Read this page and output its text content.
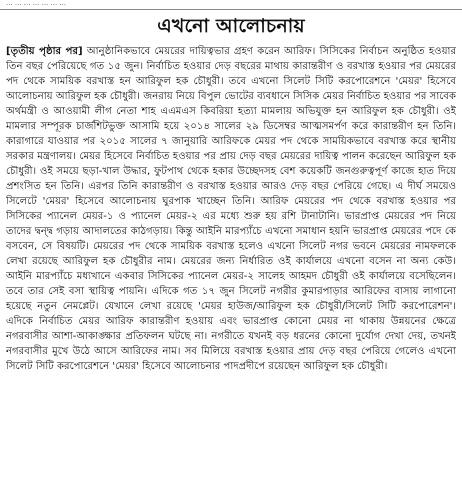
... ... ... ... ... ... ...
এখনো আলোচনায়

[তৃতীয় পৃষ্ঠার পর] আনুষ্ঠানিকভাবে মেয়রের দায়িত্বভার গ্রহণ করেন আরিফ। সিসিকের নির্বাচন অনুষ্ঠিত হওয়ার তিন বছর পেরিয়েছে গত ১৫ জুন। নির্বাচিত হওয়ার দেড় বছরের মাথায় কারান্তরীণ ও বরখাস্ত হওয়ার পর মেয়রের পদ থেকে সাময়িক বরখাস্ত হন আরিফুল হক চৌধুরী। তবে এখনো সিলেট সিটি করপোরেশনে 'মেয়র' হিসেবে আলোচনায় আরিফুল হক চৌধুরী। জনরায় নিয়ে বিপুল ভোটের ব্যবধানে সিসিক মেয়র নির্বাচিত হওয়ার পর সাবেক অর্থমন্ত্রী ও আওয়ামী লীগ নেতা শাহ এএমএস কিবরিয়া হত্যা মামলায় অভিযুক্ত হন আরিফুল হক চৌধুরী। ওই মামলার সম্পূরক চার্জশিটভুক্ত আসামি হয়ে ২০১৪ সালের ২৯ ডিসেম্বর আত্মসমর্পণ করে কারান্তরীণ হন তিনি। কারাগারে যাওয়ার পর ২০১৫ সালের ৭ জানুয়ারি আরিফকে মেয়র পদ থেকে সাময়িকভাবে বরখাস্ত করে স্থানীয় সরকার মন্ত্রণালয়। মেয়র হিসেবে নির্বাচিত হওয়ার পর প্রায় দেড় বছর মেয়রের দায়িত্ব পালন করেছেন আরিফুল হক চৌধুরী। ওই সময়ে ছড়া-খাল উদ্ধার, ফুটপাথ থেকে হকার উচ্ছেদসহ বেশ কয়েকটি জনগুরুত্বপূর্ণ কাজে হাত দিয়ে প্রশংসিত হন তিনি। এরপর তিনি কারান্তরীণ ও বরখাস্ত হওয়ার আরও দেড় বছর পেরিয়ে গেছে। এ দীর্ঘ সময়েও সিলেটে 'মেয়র' হিসেবে আলোচনায় ঘুরপাক খাচ্ছেন তিনি। আরিফ মেয়রের পদ থেকে বরখাস্ত হওয়ার পর সিসিকের প্যানেল মেয়র-১ ও প্যানেল মেয়র-২ এর মধ্যে শুরু হয় রশি টানাটানি। ভারপ্রাপ্ত মেয়রের পদ নিয়ে তাদের দ্বন্দ্ব গড়ায় আদালতের কাঠগড়ায়। কিন্তু আইনি মারপ্যাঁচে এখনো সমাধান হয়নি ভারপ্রাপ্ত মেয়রের পদে কে বসবেন, সে বিষয়টি। মেয়রের পদ থেকে সাময়িক বরখাস্ত হলেও এখনো সিলেট নগর ভবনে মেয়রের নামফলকে লেখা রয়েছে আরিফুল হক চৌধুরীর নাম। মেয়রের জন্য নির্ধারিত ওই কার্যালয়ে এখনো বসেন না অন্য কেউ। আইনি মারপ্যাঁচে মধ্যখানে একবার সিসিকের প্যানেল মেয়র-২ সালেহ আহমদ চৌধুরী ওই কার্যালয়ে বসেছিলেন। তবে তার সেই বসা স্থায়িত্ব পায়নি। এদিকে গত ১৭ জুন সিলেট নগরীর কুমারপাড়ার আরিফের বাসায় লাগানো হয়েছে নতুন নেমপ্লেট। যেখানে লেখা রয়েছে 'মেয়র হাউজ/আরিফুল হক চৌধুরী/সিলেট সিটি করপোরেশন'। এদিকে নির্বাচিত মেয়র আরিফ কারান্তরীণ হওয়ায় এবং ভারপ্রাপ্ত কোনো মেয়র না থাকায় উন্নয়নের ক্ষেত্রে নগরবাসীর আশা-আকাঙ্ক্ষার প্রতিফলন ঘটছে না। নগরীতে যখনই বড় ধরনের কোনো দুর্যোগ দেখা দেয়, তখনই নগরবাসীর মুখে উঠে আসে আরিফের নাম। সব মিলিয়ে বরখাস্ত হওয়ার প্রায় দেড় বছর পেরিয়ে গেলেও এখনো সিলেট সিটি করপোরেশনে 'মেয়র' হিসেবে আলোচনার পাদপ্রদীপে রয়েছেন আরিফুল হক চৌধুরী।
